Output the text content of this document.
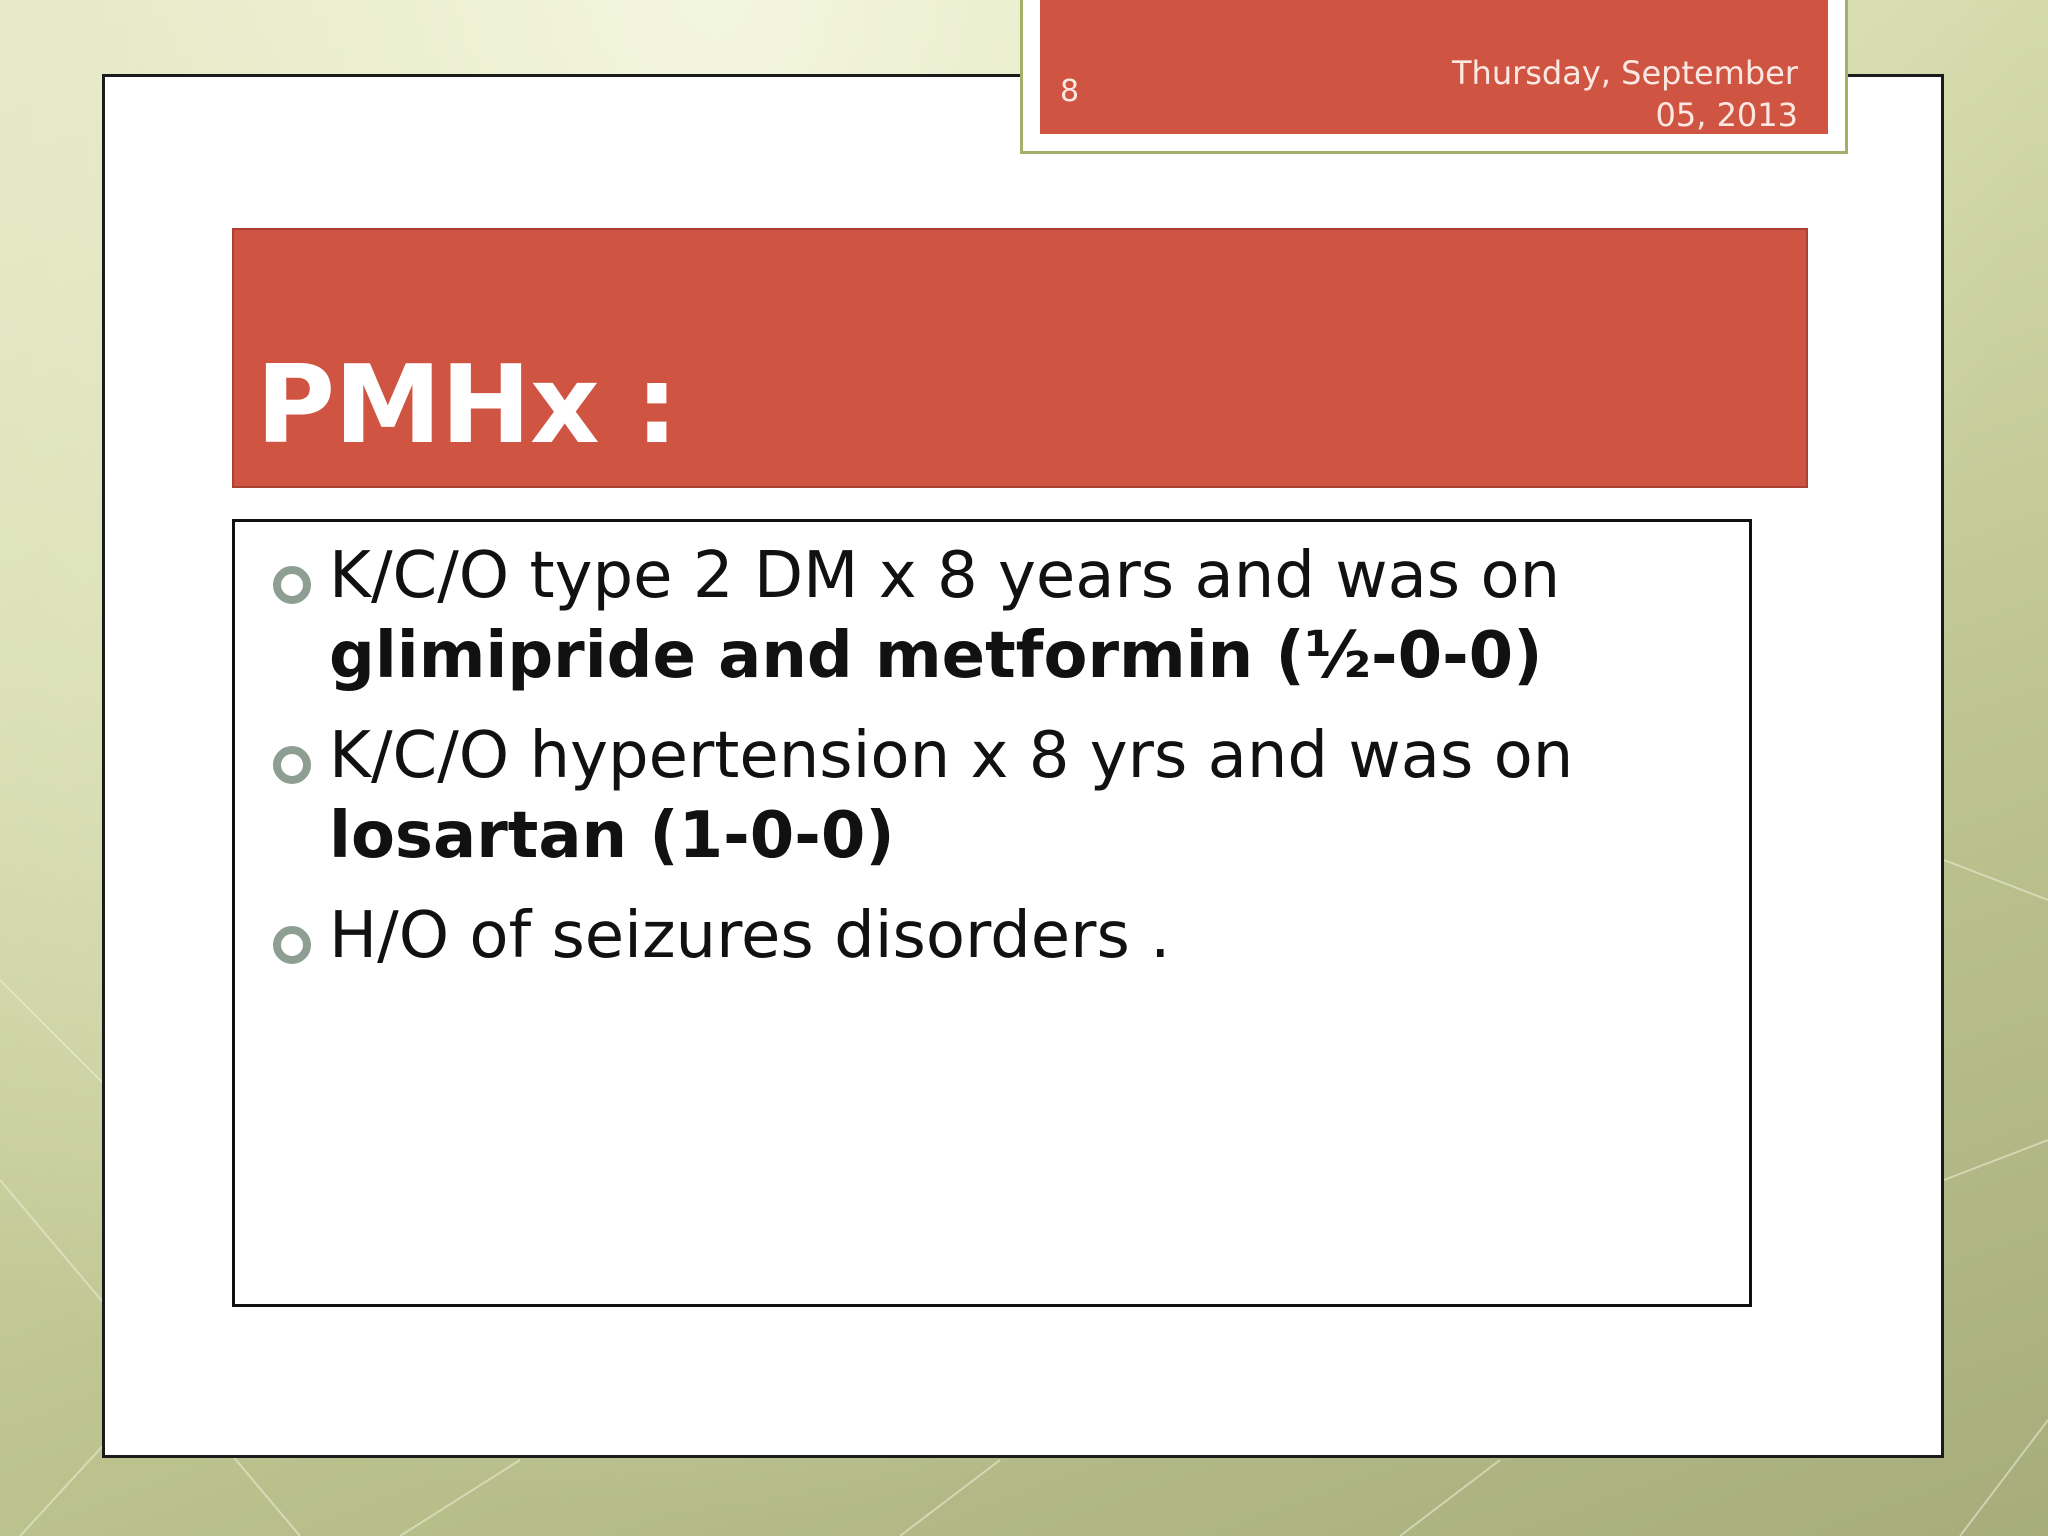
8	Thursday, September
05, 2013
PMHx :
K/C/O type 2 DM x 8 years and was on
glimipride and metformin (½-0-0)
K/C/O hypertension x 8 yrs and was on
losartan (1-0-0)
H/O of seizures disorders .
